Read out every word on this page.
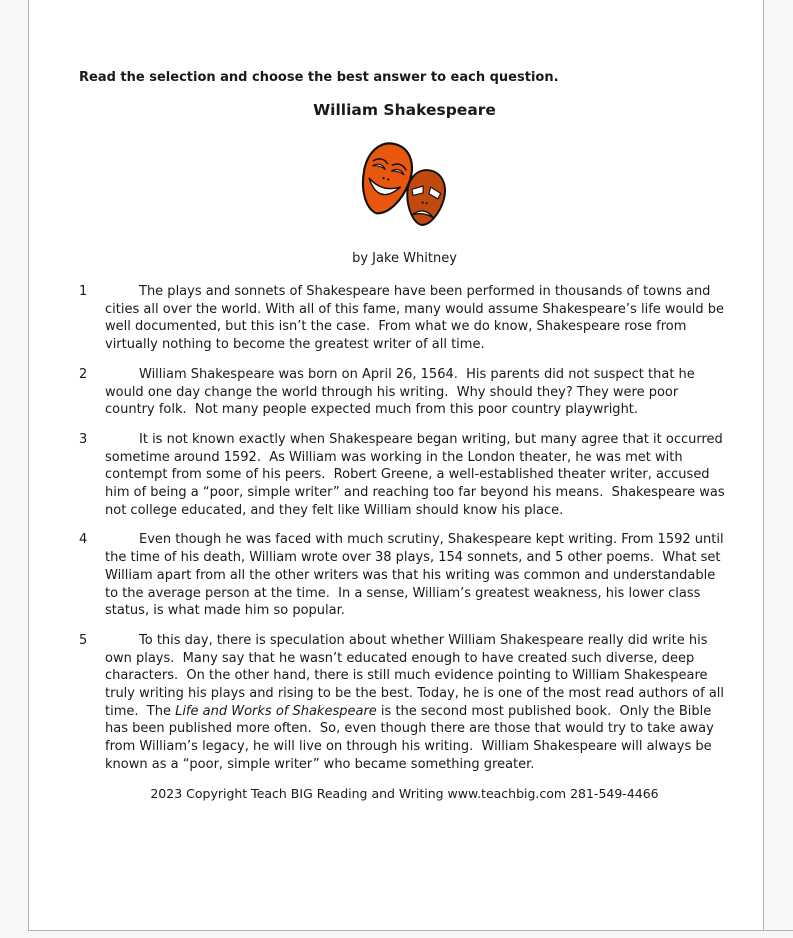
Read the selection and choose the best answer to each question.
William Shakespeare
by Jake Whitney
1	The plays and sonnets of Shakespeare have been performed in thousands of towns and cities all over the world. With all of this fame, many would assume Shakespeare’s life would be well documented, but this isn’t the case.  From what we do know, Shakespeare rose from virtually nothing to become the greatest writer of all time.
2	William Shakespeare was born on April 26, 1564.  His parents did not suspect that he would one day change the world through his writing.  Why should they? They were poor country folk.  Not many people expected much from this poor country playwright.
3	It is not known exactly when Shakespeare began writing, but many agree that it occurred sometime around 1592.  As William was working in the London theater, he was met with contempt from some of his peers.  Robert Greene, a well-established theater writer, accused him of being a “poor, simple writer” and reaching too far beyond his means.  Shakespeare was not college educated, and they felt like William should know his place.
4	Even though he was faced with much scrutiny, Shakespeare kept writing. From 1592 until the time of his death, William wrote over 38 plays, 154 sonnets, and 5 other poems.  What set William apart from all the other writers was that his writing was common and understandable to the average person at the time.  In a sense, William’s greatest weakness, his lower class status, is what made him so popular.
5	To this day, there is speculation about whether William Shakespeare really did write his own plays.  Many say that he wasn’t educated enough to have created such diverse, deep characters.  On the other hand, there is still much evidence pointing to William Shakespeare truly writing his plays and rising to be the best. Today, he is one of the most read authors of all time.  The Life and Works of Shakespeare is the second most published book.  Only the Bible has been published more often.  So, even though there are those that would try to take away from William’s legacy, he will live on through his writing.  William Shakespeare will always be known as a “poor, simple writer” who became something greater.
2023 Copyright Teach BIG Reading and Writing www.teachbig.com 281-549-4466
